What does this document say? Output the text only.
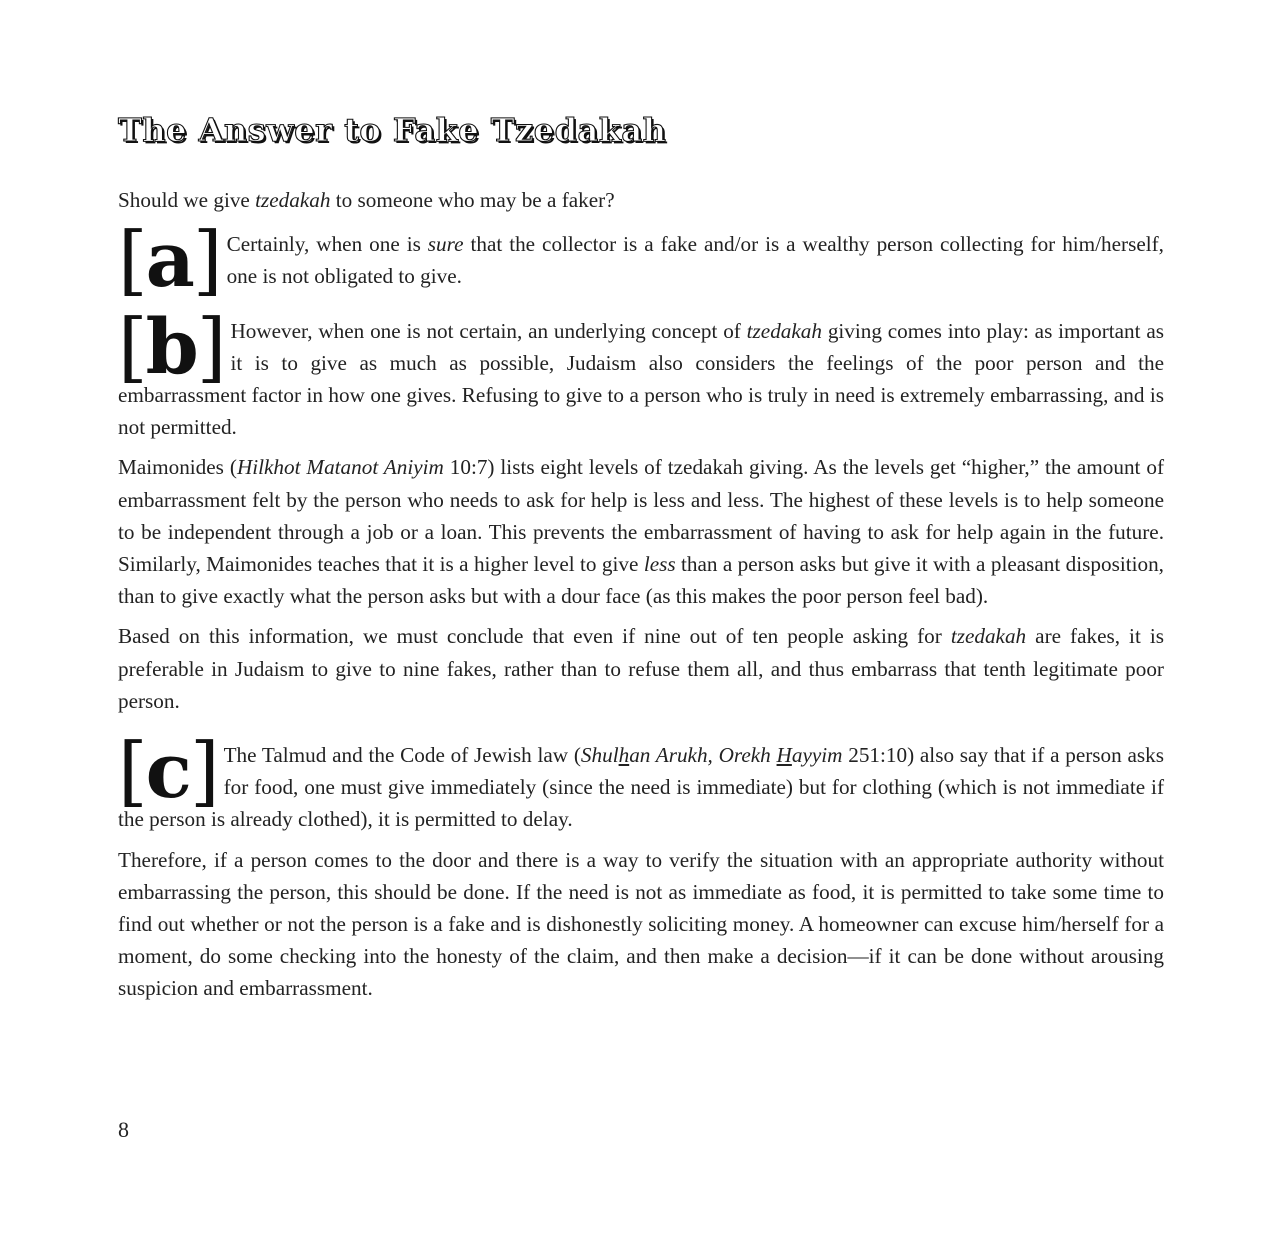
The Answer to Fake Tzedakah

Should we give tzedakah to someone who may be a faker?

[a] Certainly, when one is sure that the collector is a fake and/or is a wealthy person collecting for him/herself, one is not obligated to give.

[b] However, when one is not certain, an underlying concept of tzedakah giving comes into play: as important as it is to give as much as possible, Judaism also considers the feelings of the poor person and the embarrassment factor in how one gives. Refusing to give to a person who is truly in need is extremely embarrassing, and is not permitted.

Maimonides (Hilkhot Matanot Aniyim 10:7) lists eight levels of tzedakah giving. As the levels get “higher,” the amount of embarrassment felt by the person who needs to ask for help is less and less. The highest of these levels is to help someone to be independent through a job or a loan. This prevents the embarrassment of having to ask for help again in the future. Similarly, Maimonides teaches that it is a higher level to give less than a person asks but give it with a pleasant disposition, than to give exactly what the person asks but with a dour face (as this makes the poor person feel bad).

Based on this information, we must conclude that even if nine out of ten people asking for tzedakah are fakes, it is preferable in Judaism to give to nine fakes, rather than to refuse them all, and thus embarrass that tenth legitimate poor person.

[c] The Talmud and the Code of Jewish law (Shulhan Arukh, Orekh Hayyim 251:10) also say that if a person asks for food, one must give immediately (since the need is immediate) but for clothing (which is not immediate if the person is already clothed), it is permitted to delay.

Therefore, if a person comes to the door and there is a way to verify the situation with an appropriate authority without embarrassing the person, this should be done. If the need is not as immediate as food, it is permitted to take some time to find out whether or not the person is a fake and is dishonestly soliciting money. A homeowner can excuse him/herself for a moment, do some checking into the honesty of the claim, and then make a decision—if it can be done without arousing suspicion and embarrassment.

8
